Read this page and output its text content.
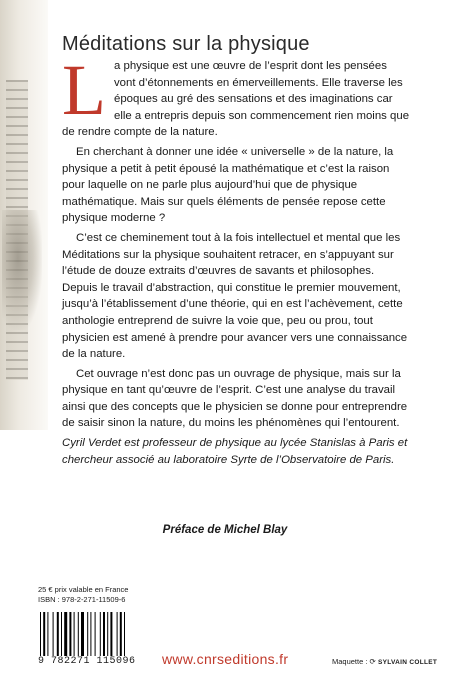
Méditations sur la physique

L a physique est une œuvre de l’esprit dont les pensées vont d’étonnements en émerveillements. Elle traverse les époques au gré des sensations et des imaginations car elle a entrepris depuis son commencement rien moins que de rendre compte de la nature.

En cherchant à donner une idée « universelle » de la nature, la physique a petit à petit épousé la mathématique et c’est la raison pour laquelle on ne parle plus aujourd’hui que de physique mathématique. Mais sur quels éléments de pensée repose cette physique moderne ?

C’est ce cheminement tout à la fois intellectuel et mental que les Méditations sur la physique souhaitent retracer, en s’appuyant sur l’étude de douze extraits d’œuvres de savants et philosophes. Depuis le travail d’abstraction, qui constitue le premier mouvement, jusqu’à l’établissement d’une théorie, qui en est l’achèvement, cette anthologie entreprend de suivre la voie que, peu ou prou, tout physicien est amené à prendre pour avancer vers une connaissance de la nature.

Cet ouvrage n’est donc pas un ouvrage de physique, mais sur la physique en tant qu’œuvre de l’esprit. C’est une analyse du travail ainsi que des concepts que le physicien se donne pour entreprendre de saisir sinon la nature, du moins les phénomènes qui l’entourent.

Cyril Verdet est professeur de physique au lycée Stanislas à Paris et chercheur associé au laboratoire Syrte de l’Observatoire de Paris.

Préface de Michel Blay
25 € prix valable en France
ISBN : 978-2-271-11509-6
9 782271 115096	www.cnrseditions.fr	Maquette : ⟳ SYLVAIN COLLET
